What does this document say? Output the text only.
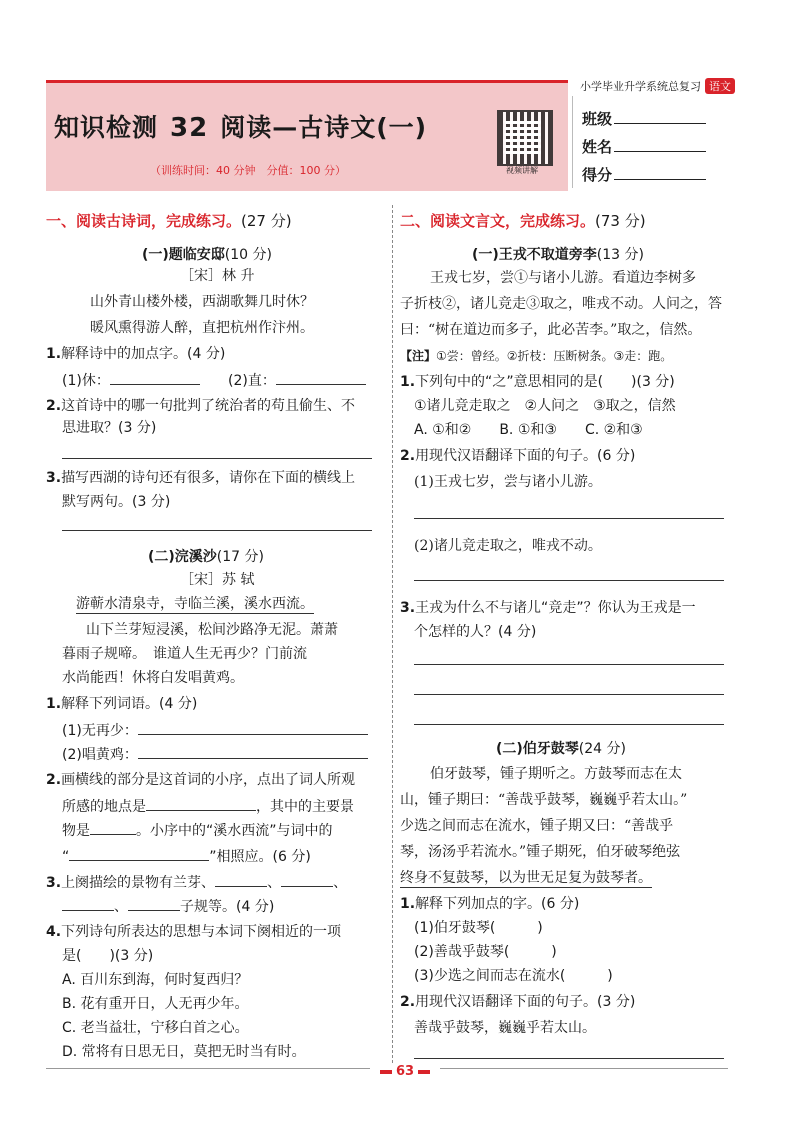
小学毕业升学系统总复习 语文
知识检测 32 阅读—古诗文(一)
（训练时间：40 分钟　分值：100 分）	视频讲解
班级
姓名
得分
一、阅读古诗词，完成练习。(27 分)
(一)题临安邸(10 分)
［宋］林 升
山外青山楼外楼，西湖歌舞几时休？
暖风熏得游人醉，直把杭州作汴州。
1.解释诗中的加点字。(4 分)
(1)休：	(2)直：
2.这首诗中的哪一句批判了统治者的苟且偷生、不
思进取？(3 分)
3.描写西湖的诗句还有很多，请你在下面的横线上
默写两句。(3 分)
(二)浣溪沙(17 分)
［宋］苏 轼
游蕲水清泉寺，寺临兰溪，溪水西流。
山下兰芽短浸溪，松间沙路净无泥。萧萧
暮雨子规啼。　谁道人生无再少？门前流
水尚能西！休将白发唱黄鸡。
1.解释下列词语。(4 分)
(1)无再少：
(2)唱黄鸡：
2.画横线的部分是这首词的小序，点出了词人所观
所感的地点是	，其中的主要景
物是	。小序中的“溪水西流”与词中的
“	”相照应。(6 分)
3.上阕描绘的景物有兰芽、	、	、
、	子规等。(4 分)
4.下列诗句所表达的思想与本词下阕相近的一项
是(　　)(3 分)
A. 百川东到海，何时复西归？
B. 花有重开日，人无再少年。
C. 老当益壮，宁移白首之心。
D. 常将有日思无日，莫把无时当有时。
二、阅读文言文，完成练习。(73 分)
(一)王戎不取道旁李(13 分)
王戎七岁，尝①与诸小儿游。看道边李树多
子折枝②，诸儿竞走③取之，唯戎不动。人问之，答
曰：“树在道边而多子，此必苦李。”取之，信然。
【注】①尝：曾经。②折枝：压断树条。③走：跑。
1.下列句中的“之”意思相同的是(　　)(3 分)
①诸儿竞走取之　②人问之　③取之，信然
A. ①和②　　B. ①和③　　C. ②和③
2.用现代汉语翻译下面的句子。(6 分)
(1)王戎七岁，尝与诸小儿游。
(2)诸儿竞走取之，唯戎不动。
3.王戎为什么不与诸儿“竞走”？你认为王戎是一
个怎样的人？(4 分)
(二)伯牙鼓琴(24 分)
伯牙鼓琴，锺子期听之。方鼓琴而志在太
山，锺子期曰：“善哉乎鼓琴，巍巍乎若太山。”
少选之间而志在流水，锺子期又曰：“善哉乎
琴，汤汤乎若流水。”锺子期死，伯牙破琴绝弦
终身不复鼓琴，以为世无足复为鼓琴者。
1.解释下列加点的字。(6 分)
(1)伯牙鼓琴(　　　)
(2)善哉乎鼓琴(　　　)
(3)少选之间而志在流水(　　　)
2.用现代汉语翻译下面的句子。(3 分)
善哉乎鼓琴，巍巍乎若太山。
63
